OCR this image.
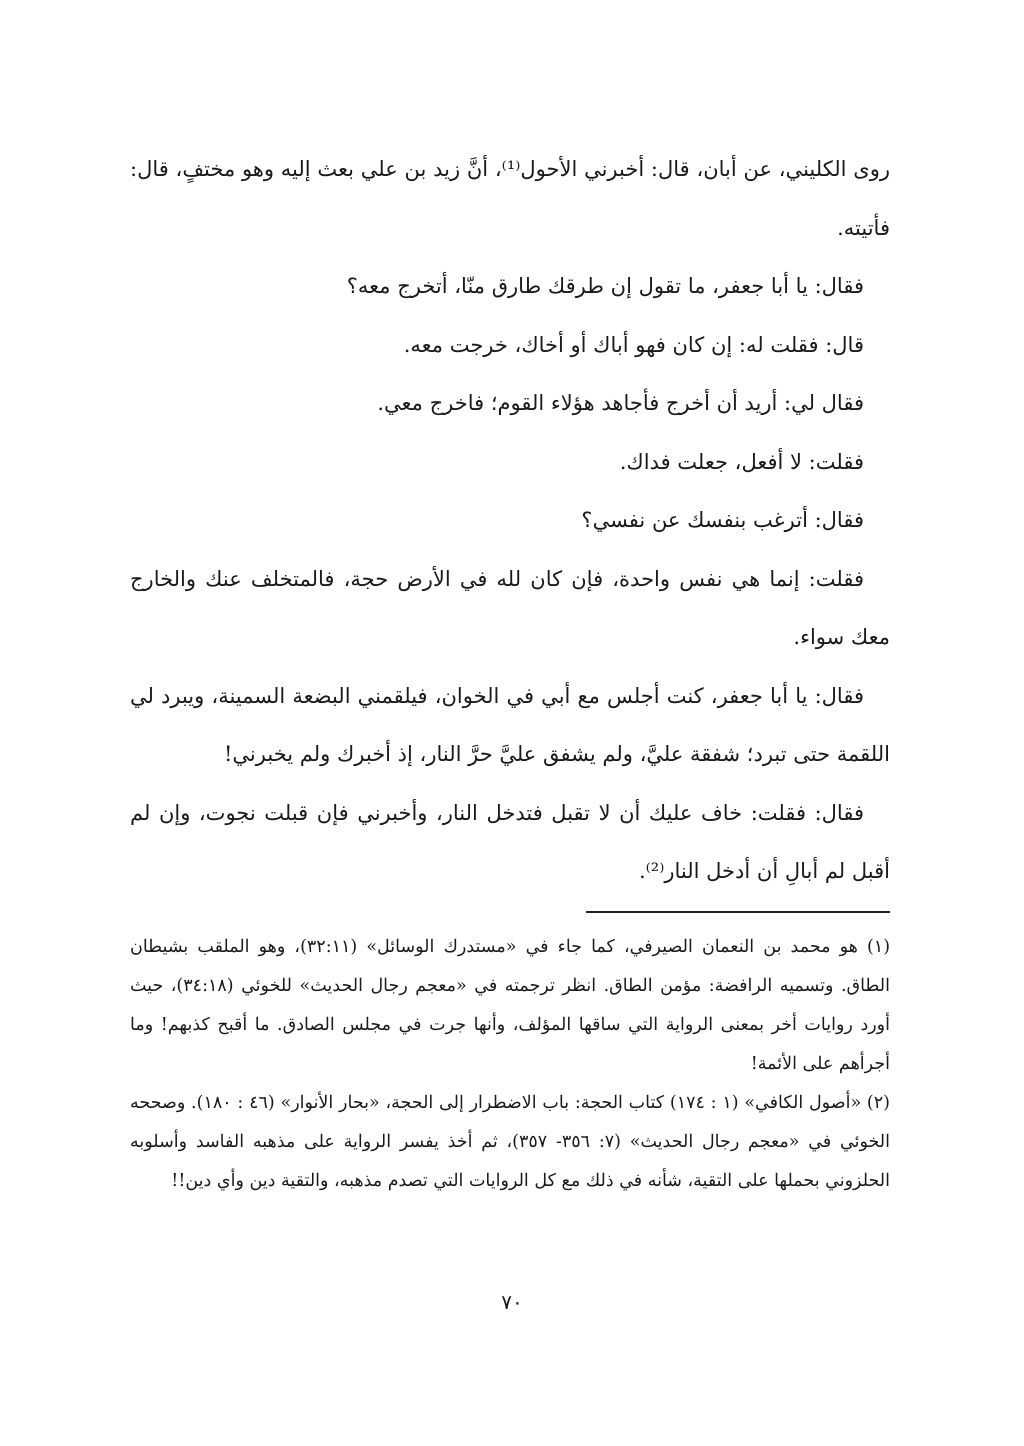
روى الكليني، عن أبان، قال: أخبرني الأحول⁽¹⁾، أنَّ زيد بن علي بعث إليه وهو مختفٍ، قال: فأتيته.

فقال: يا أبا جعفر، ما تقول إن طرقك طارق منّا، أتخرج معه؟

قال: فقلت له: إن كان فهو أباك أو أخاك، خرجت معه.

فقال لي: أريد أن أخرج فأجاهد هؤلاء القوم؛ فاخرج معي.

فقلت: لا أفعل، جعلت فداك.

فقال: أترغب بنفسك عن نفسي؟

فقلت: إنما هي نفس واحدة، فإن كان لله في الأرض حجة، فالمتخلف عنك والخارج معك سواء.

فقال: يا أبا جعفر، كنت أجلس مع أبي في الخوان، فيلقمني البضعة السمينة، ويبرد لي اللقمة حتى تبرد؛ شفقة عليَّ، ولم يشفق عليَّ حرَّ النار، إذ أخبرك ولم يخبرني!

فقال: فقلت: خاف عليك أن لا تقبل فتدخل النار، وأخبرني فإن قبلت نجوت، وإن لم أقبل لم أبالِ أن أدخل النار⁽²⁾.

(١) هو محمد بن النعمان الصيرفي، كما جاء في «مستدرك الوسائل» (٣٢:١١)، وهو الملقب بشيطان الطاق. وتسميه الرافضة: مؤمن الطاق. انظر ترجمته في «معجم رجال الحديث» للخوئي (٣٤:١٨)، حيث أورد روايات أخر بمعنى الرواية التي ساقها المؤلف، وأنها جرت في مجلس الصادق. ما أقبح كذبهم! وما أجرأهم على الأئمة!

(٢) «أصول الكافي» (١ : ١٧٤) كتاب الحجة: باب الاضطرار إلى الحجة، «بحار الأنوار» (٤٦ : ١٨٠). وصححه الخوئي في «معجم رجال الحديث» (٧: ٣٥٦- ٣٥٧)، ثم أخذ يفسر الرواية على مذهبه الفاسد وأسلوبه الحلزوني بحملها على التقية، شأنه في ذلك مع كل الروايات التي تصدم مذهبه، والتقية دين وأي دين!!

٧٠
